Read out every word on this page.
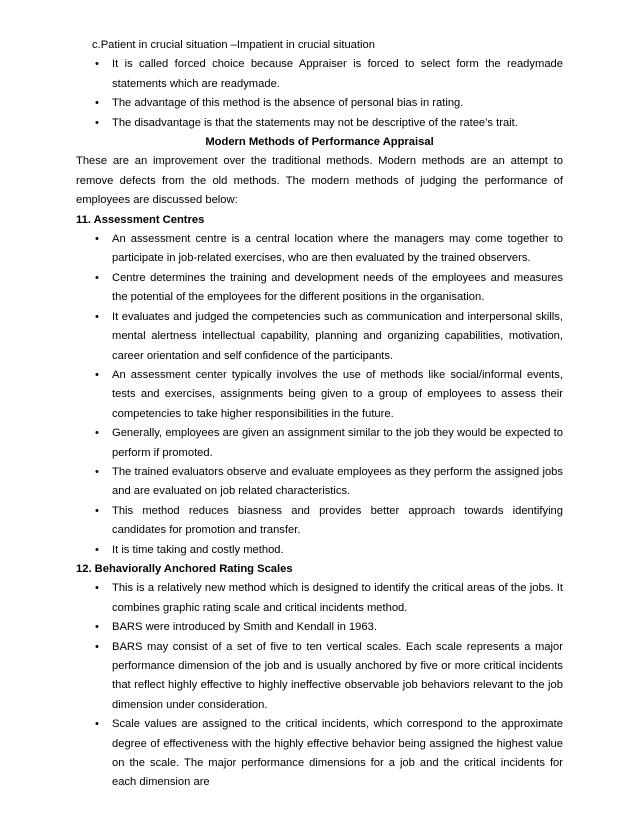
c.Patient in crucial situation –Impatient in crucial situation

• It is called forced choice because Appraiser is forced to select form the readymade statements which are readymade.
• The advantage of this method is the absence of personal bias in rating.
• The disadvantage is that the statements may not be descriptive of the ratee’s trait.

Modern Methods of Performance Appraisal

These are an improvement over the traditional methods. Modern methods are an attempt to remove defects from the old methods. The modern methods of judging the performance of employees are discussed below:

11. Assessment Centres

• An assessment centre is a central location where the managers may come together to participate in job-related exercises, who are then evaluated by the trained observers.
• Centre determines the training and development needs of the employees and measures the potential of the employees for the different positions in the organisation.
• It evaluates and judged the competencies such as communication and interpersonal skills, mental alertness intellectual capability, planning and organizing capabilities, motivation, career orientation and self confidence of the participants.
• An assessment center typically involves the use of methods like social/informal events, tests and exercises, assignments being given to a group of employees to assess their competencies to take higher responsibilities in the future.
• Generally, employees are given an assignment similar to the job they would be expected to perform if promoted.
• The trained evaluators observe and evaluate employees as they perform the assigned jobs and are evaluated on job related characteristics.
• This method reduces biasness and provides better approach towards identifying candidates for promotion and transfer.
• It is time taking and costly method.

12. Behaviorally Anchored Rating Scales

• This is a relatively new method which is designed to identify the critical areas of the jobs. It combines graphic rating scale and critical incidents method.
• BARS were introduced by Smith and Kendall in 1963.
• BARS may consist of a set of five to ten vertical scales. Each scale represents a major performance dimension of the job and is usually anchored by five or more critical incidents that reflect highly effective to highly ineffective observable job behaviors relevant to the job dimension under consideration.
• Scale values are assigned to the critical incidents, which correspond to the approximate degree of effectiveness with the highly effective behavior being assigned the highest value on the scale. The major performance dimensions for a job and the critical incidents for each dimension are
